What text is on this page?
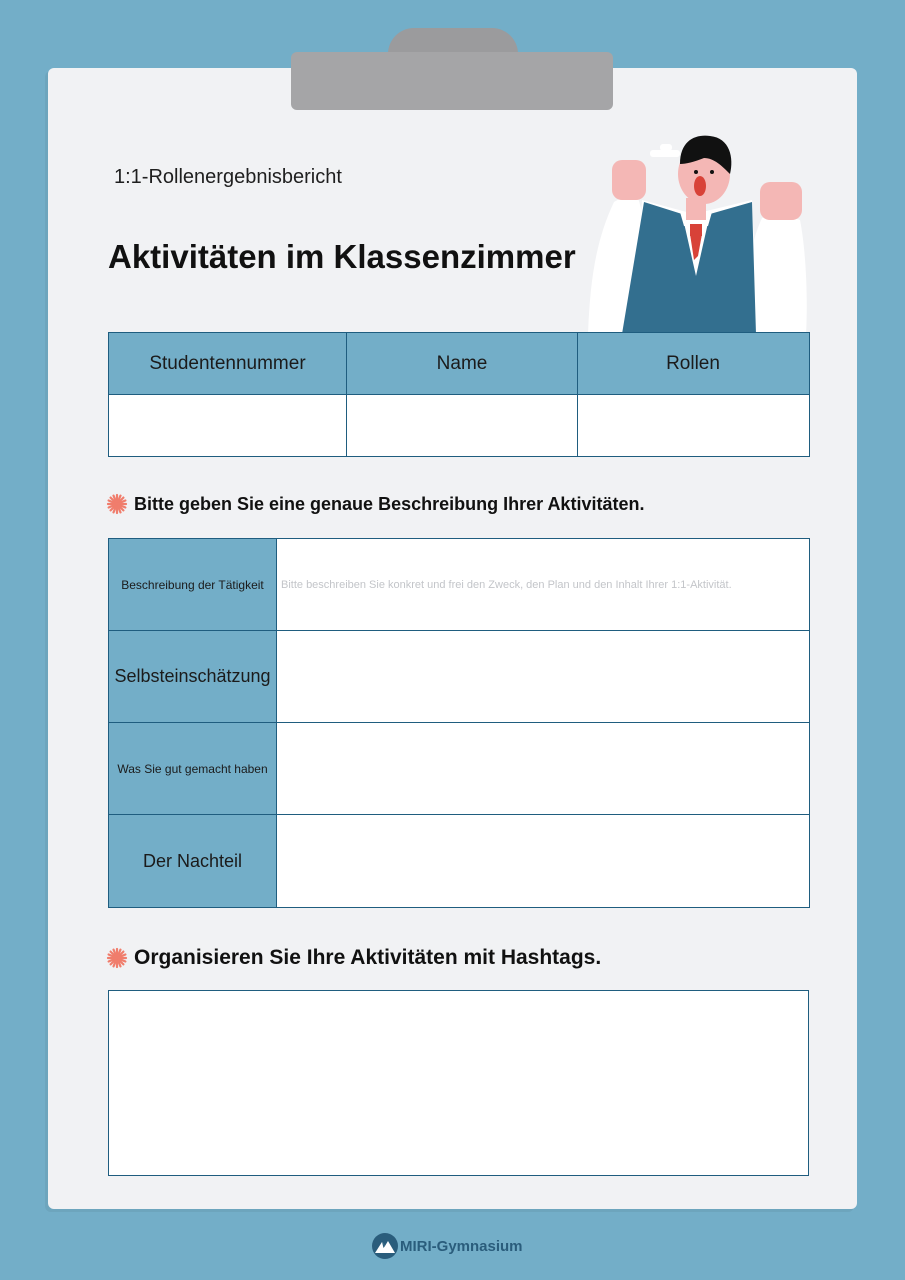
1:1-Rollenergebnisbericht
Aktivitäten im Klassenzimmer
Studentennummer	Name	Rollen
Bitte geben Sie eine genaue Beschreibung Ihrer Aktivitäten.
Beschreibung der Tätigkeit	Bitte beschreiben Sie konkret und frei den Zweck, den Plan und den Inhalt Ihrer 1:1-Aktivität.
Selbsteinschätzung
Was Sie gut gemacht haben
Der Nachteil
Organisieren Sie Ihre Aktivitäten mit Hashtags.
MIRI-Gymnasium
